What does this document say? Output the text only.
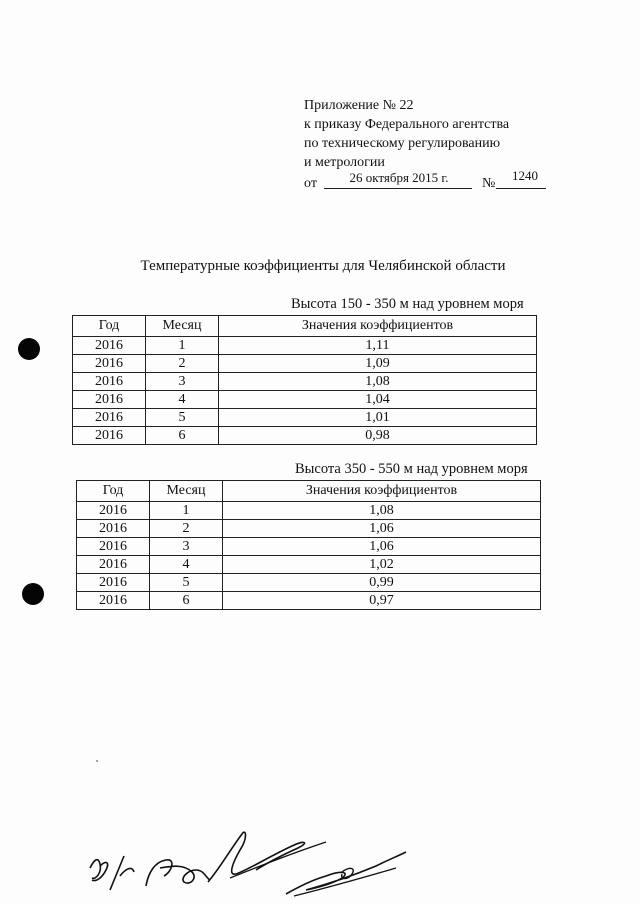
Приложение № 22
к приказу Федерального агентства
по техническому регулированию
и метрологии
от	26 октября 2015 г.	№
1240
Температурные коэффициенты для Челябинской области
Высота 150 - 350 м над уровнем моря
Год	Месяц	Значения коэффициентов
2016	1	1,11
2016	2	1,09
2016	3	1,08
2016	4	1,04
2016	5	1,01
2016	6	0,98
Высота 350 - 550 м над уровнем моря
Год	Месяц	Значения коэффициентов
2016	1	1,08
2016	2	1,06
2016	3	1,06
2016	4	1,02
2016	5	0,99
2016	6	0,97
